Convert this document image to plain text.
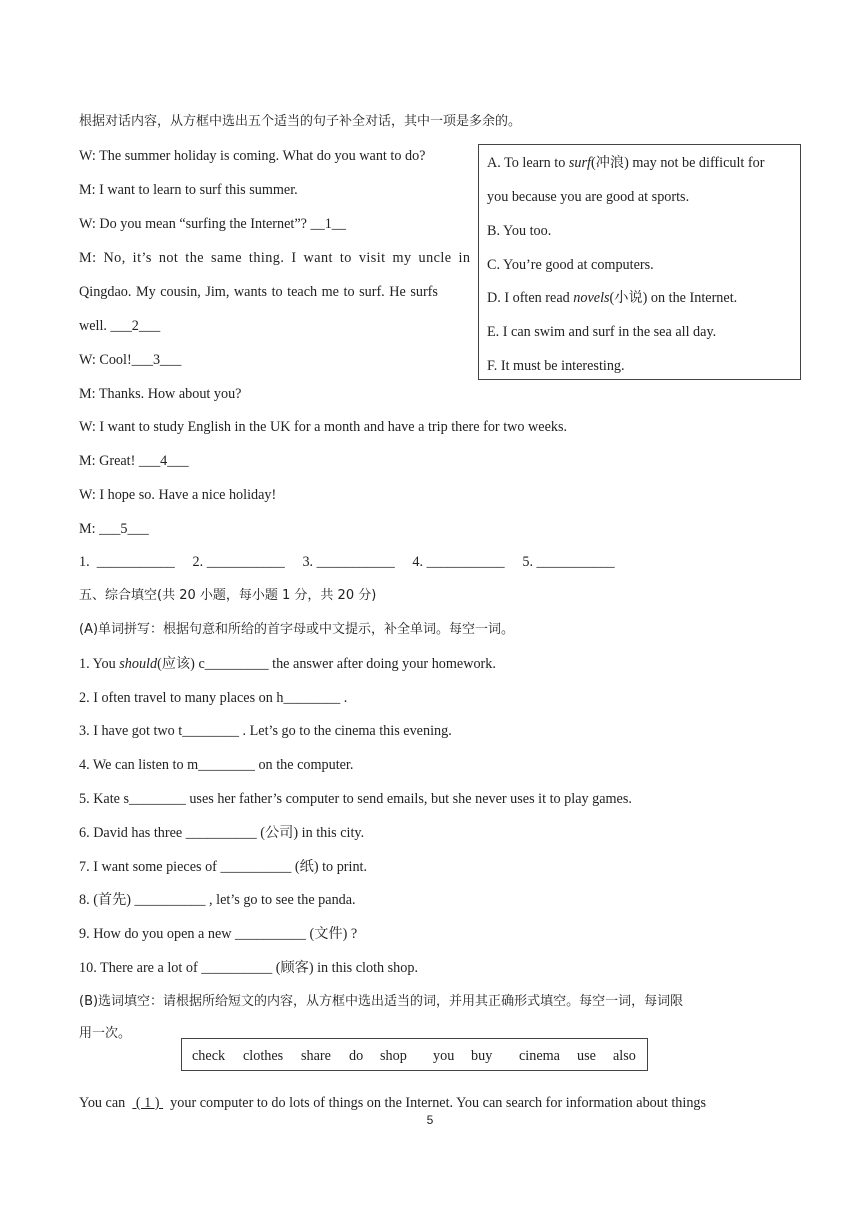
根据对话内容，从方框中选出五个适当的句子补全对话，其中一项是多余的。
W: The summer holiday is coming. What do you want to do?
M: I want to learn to surf this summer.
W: Do you mean “surfing the Internet”? __1__
M: No, it’s not the same thing. I want to visit my uncle in
Qingdao. My cousin, Jim, wants to teach me to surf. He surfs
well. ___2___
W: Cool!___3___
M: Thanks. How about you?
W: I want to study English in the UK for a month and have a trip there for two weeks.
M: Great! ___4___
W: I hope so. Have a nice holiday!
M: ___5___
A. To learn to surf(冲浪) may not be difficult for
you because you are good at sports.
B. You too.
C. You’re good at computers.
D. I often read novels(小说) on the Internet.
E. I can swim and surf in the sea all day.
F. It must be interesting.
1.  ___________     2. ___________     3. ___________     4. ___________     5. ___________
五、综合填空(共 20 小题，每小题 1 分，共 20 分)
(A)单词拼写：根据句意和所给的首字母或中文提示，补全单词。每空一词。
1. You should(应该) c_________ the answer after doing your homework.
2. I often travel to many places on h________ .
3. I have got two t________ . Let’s go to the cinema this evening.
4. We can listen to m________ on the computer.
5. Kate s________ uses her father’s computer to send emails, but she never uses it to play games.
6. David has three __________ (公司) in this city.
7. I want some pieces of __________ (纸) to print.
8. (首先) __________ , let’s go to see the panda.
9. How do you open a new __________ (文件) ?
10. There are a lot of __________ (顾客) in this cloth shop.
(B)选词填空：请根据所给短文的内容，从方框中选出适当的词，并用其正确形式填空。每空一词，每词限
用一次。
check clothes share do shop you buy cinema use also
You can   ( 1 )   your computer to do lots of things on the Internet. You can search for information about things
5
